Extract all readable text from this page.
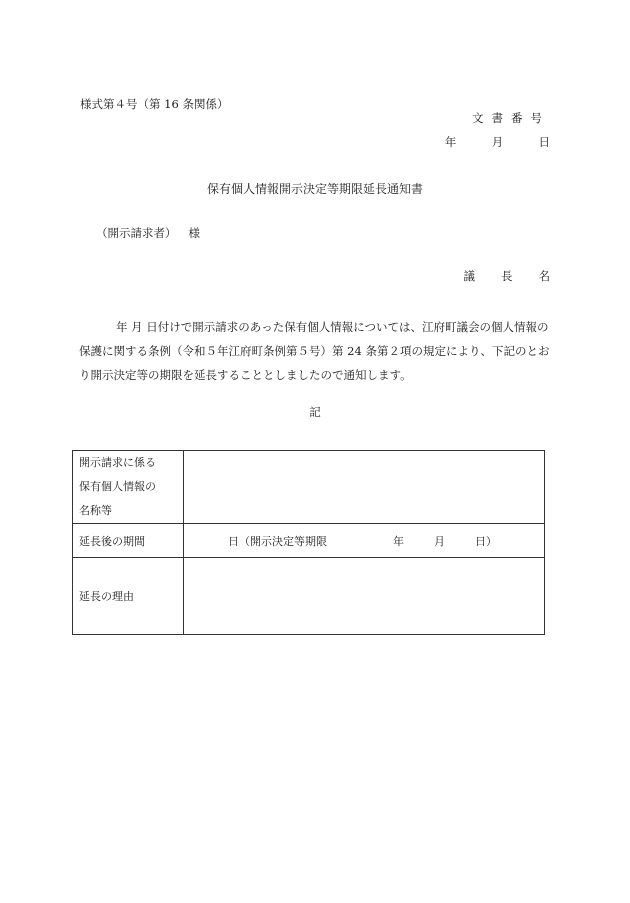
様式第４号（第 16 条関係）
文書番号
年	月	日
保有個人情報開示決定等期限延長通知書
（開示請求者） 様
議長名
年 月 日付けで開示請求のあった保有個人情報については、江府町議会の個人情報の保護に関する条例（令和５年江府町条例第５号）第 24 条第２項の規定により、下記のとおり開示決定等の期限を延長することとしましたので通知します。
記
開示請求に係る
保有個人情報の
名称等	

延長後の期間	日（開示決定等期限 年 月 日）
延長の理由	
